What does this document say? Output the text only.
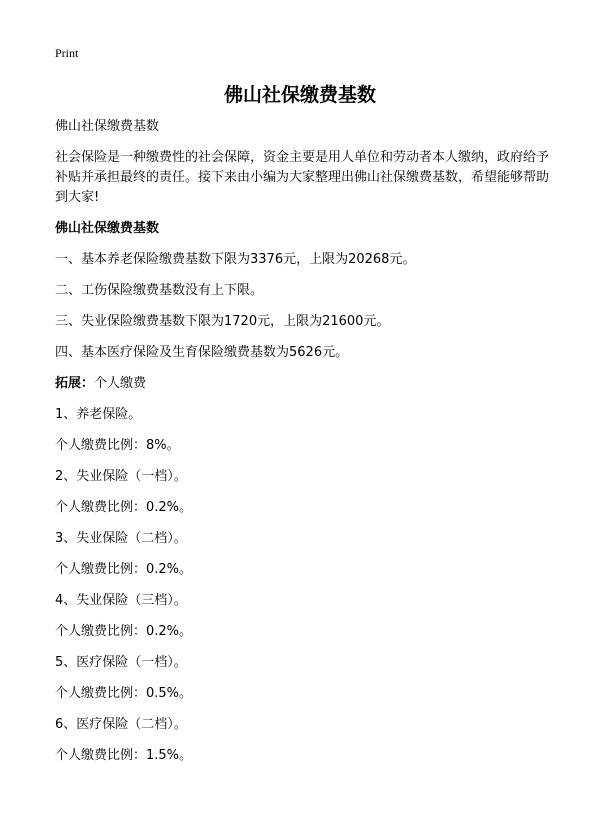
Print
佛山社保缴费基数

佛山社保缴费基数

社会保险是一种缴费性的社会保障，资金主要是用人单位和劳动者本人缴纳，政府给予补贴并承担最终的责任。接下来由小编为大家整理出佛山社保缴费基数，希望能够帮助到大家!

佛山社保缴费基数

一、基本养老保险缴费基数下限为3376元，上限为20268元。

二、工伤保险缴费基数没有上下限。

三、失业保险缴费基数下限为1720元，上限为21600元。

四、基本医疗保险及生育保险缴费基数为5626元。

拓展：个人缴费

1、养老保险。

个人缴费比例：8%。

2、失业保险（一档）。

个人缴费比例：0.2%。

3、失业保险（二档）。

个人缴费比例：0.2%。

4、失业保险（三档）。

个人缴费比例：0.2%。

5、医疗保险（一档）。

个人缴费比例：0.5%。

6、医疗保险（二档）。

个人缴费比例：1.5%。
